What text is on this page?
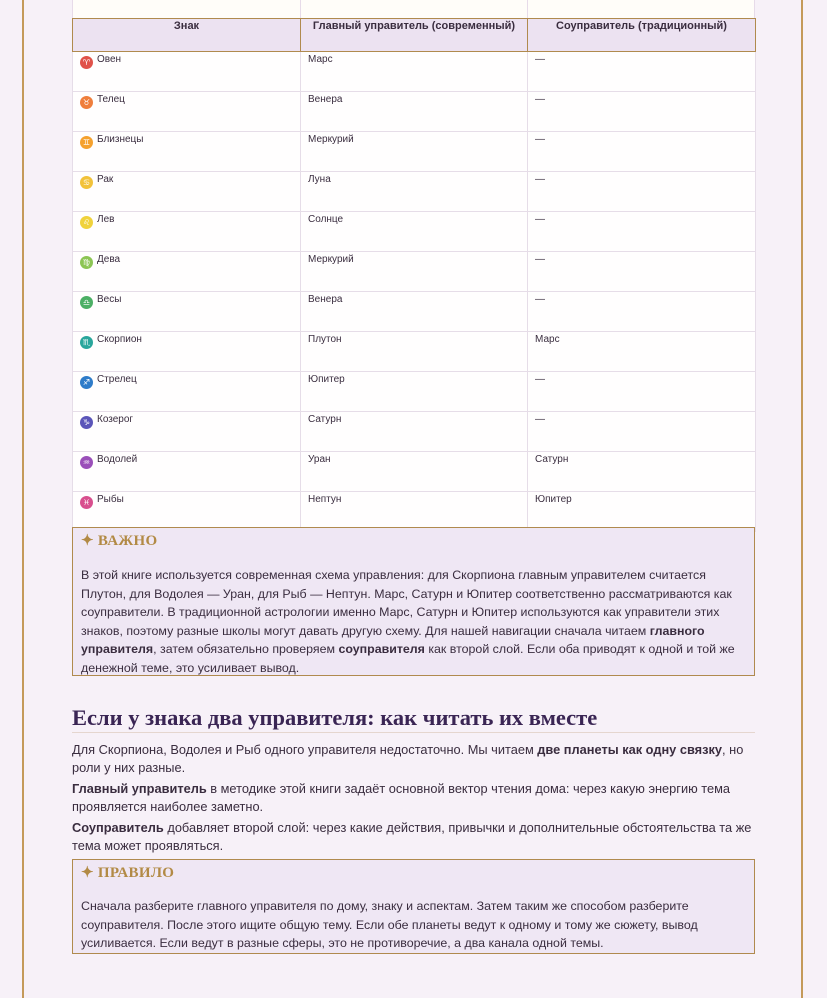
Знак	Главный управитель (современный)	Соуправитель (традиционный)
♈ Овен	Марс	—
♉ Телец	Венера	—
♊ Близнецы	Меркурий	—
♋ Рак	Луна	—
♌ Лев	Солнце	—
♍ Дева	Меркурий	—
♎ Весы	Венера	—
♏ Скорпион	Плутон	Марс
♐ Стрелец	Юпитер	—
♑ Козерог	Сатурн	—
♒ Водолей	Уран	Сатурн
♓ Рыбы	Нептун	Юпитер
✦ ВАЖНО
В этой книге используется современная схема управления: для Скорпиона главным управителем считается Плутон, для Водолея — Уран, для Рыб — Нептун. Марс, Сатурн и Юпитер соответственно рассматриваются как соуправители. В традиционной астрологии именно Марс, Сатурн и Юпитер используются как управители этих знаков, поэтому разные школы могут давать другую схему. Для нашей навигации сначала читаем главного управителя, затем обязательно проверяем соуправителя как второй слой. Если оба приводят к одной и той же денежной теме, это усиливает вывод.
Если у знака два управителя: как читать их вместе

Для Скорпиона, Водолея и Рыб одного управителя недостаточно. Мы читаем две планеты как одну связку, но роли у них разные.

Главный управитель в методике этой книги задаёт основной вектор чтения дома: через какую энергию тема проявляется наиболее заметно.

Соуправитель добавляет второй слой: через какие действия, привычки и дополнительные обстоятельства та же тема может проявляться.

✦ ПРАВИЛО
Сначала разберите главного управителя по дому, знаку и аспектам. Затем таким же способом разберите соуправителя. После этого ищите общую тему. Если обе планеты ведут к одному и тому же сюжету, вывод усиливается. Если ведут в разные сферы, это не противоречие, а два канала одной темы.
